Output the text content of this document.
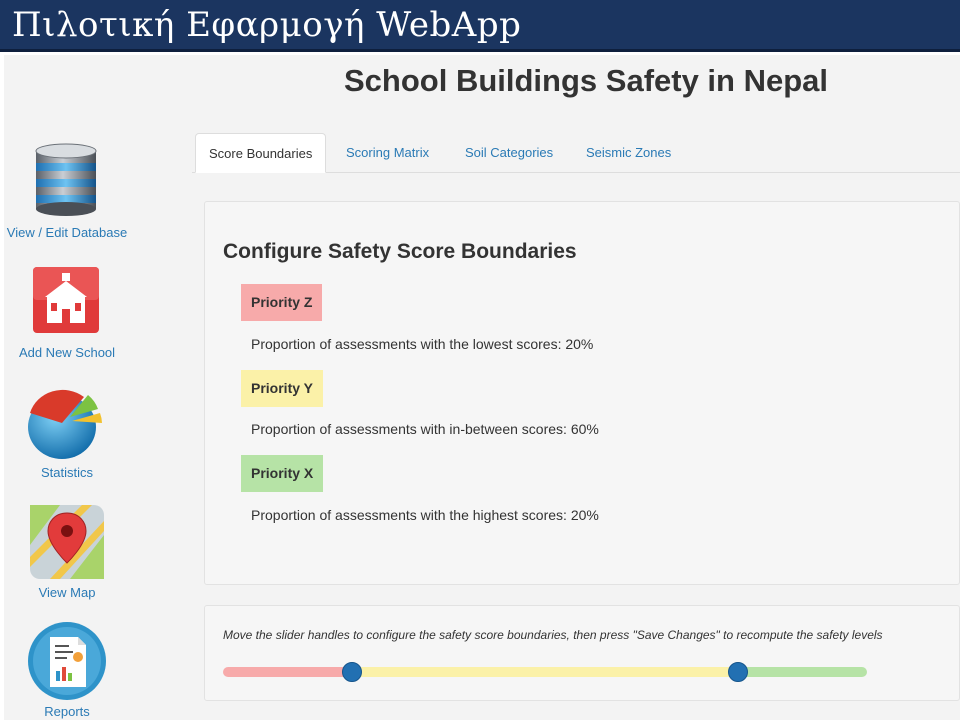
Πιλοτική Εφαρμογή WebApp
School Buildings Safety in Nepal
View / Edit Database
Add New School
Statistics
View Map
Reports
Score Boundaries	Scoring Matrix	Soil Categories	Seismic Zones
Configure Safety Score Boundaries
Priority Z
Proportion of assessments with the lowest scores: 20%
Priority Y
Proportion of assessments with in-between scores: 60%
Priority X
Proportion of assessments with the highest scores: 20%
Move the slider handles to configure the safety score boundaries, then press "Save Changes" to recompute the safety levels
